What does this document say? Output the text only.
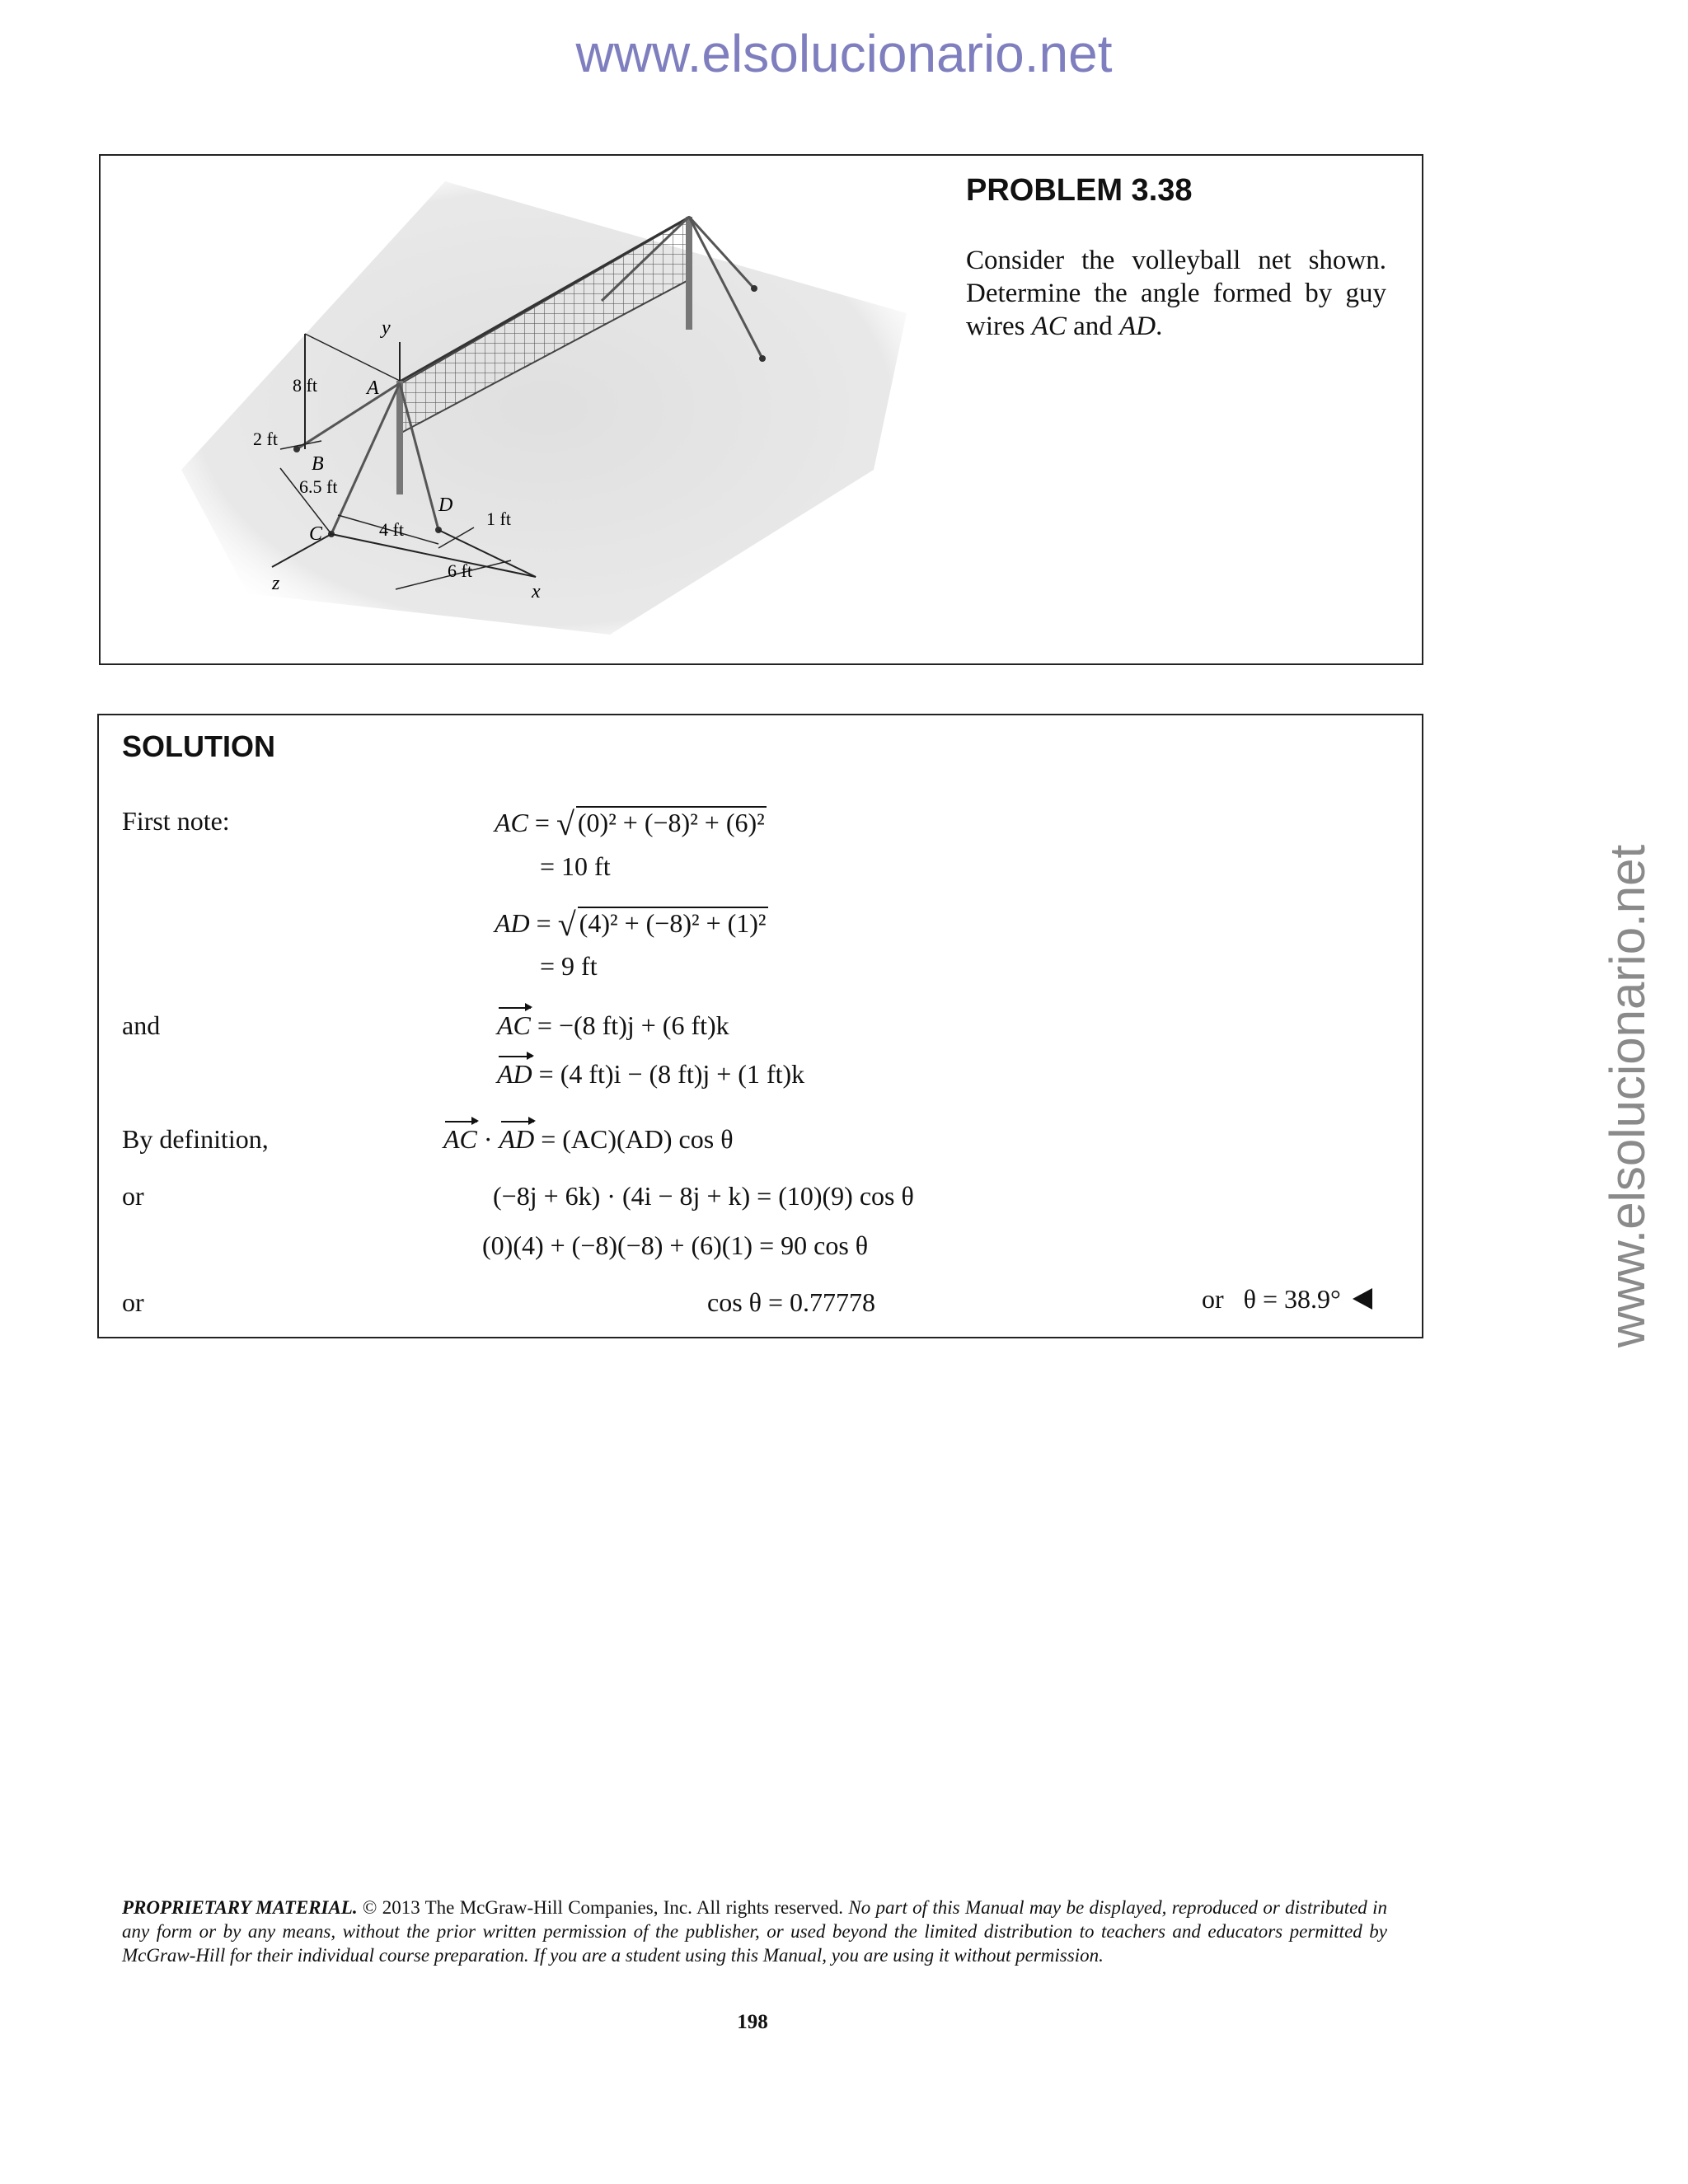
www.elsolucionario.net
www.elsolucionario.net
y
A
B
C
D
x
z
8 ft
2 ft
6.5 ft
4 ft
1 ft
6 ft
PROBLEM 3.38
Consider the volleyball net shown. Determine the angle formed by guy wires AC and AD.
SOLUTION
First note:	AC = √ (0)² + (−8)² + (6)²
= 10 ft
AD = √ (4)² + (−8)² + (1)²
= 9 ft
and	AC = −(8 ft)j + (6 ft)k
AD = (4 ft)i − (8 ft)j + (1 ft)k
By definition,	AC · AD = (AC)(AD) cos θ
or	(−8j + 6k) · (4i − 8j + k) = (10)(9) cos θ
(0)(4) + (−8)(−8) + (6)(1) = 90 cos θ
or	cos θ = 0.77778	or θ = 38.9°
PROPRIETARY MATERIAL. © 2013 The McGraw-Hill Companies, Inc. All rights reserved. No part of this Manual may be displayed, reproduced or distributed in any form or by any means, without the prior written permission of the publisher, or used beyond the limited distribution to teachers and educators permitted by McGraw-Hill for their individual course preparation. If you are a student using this Manual, you are using it without permission.
198
